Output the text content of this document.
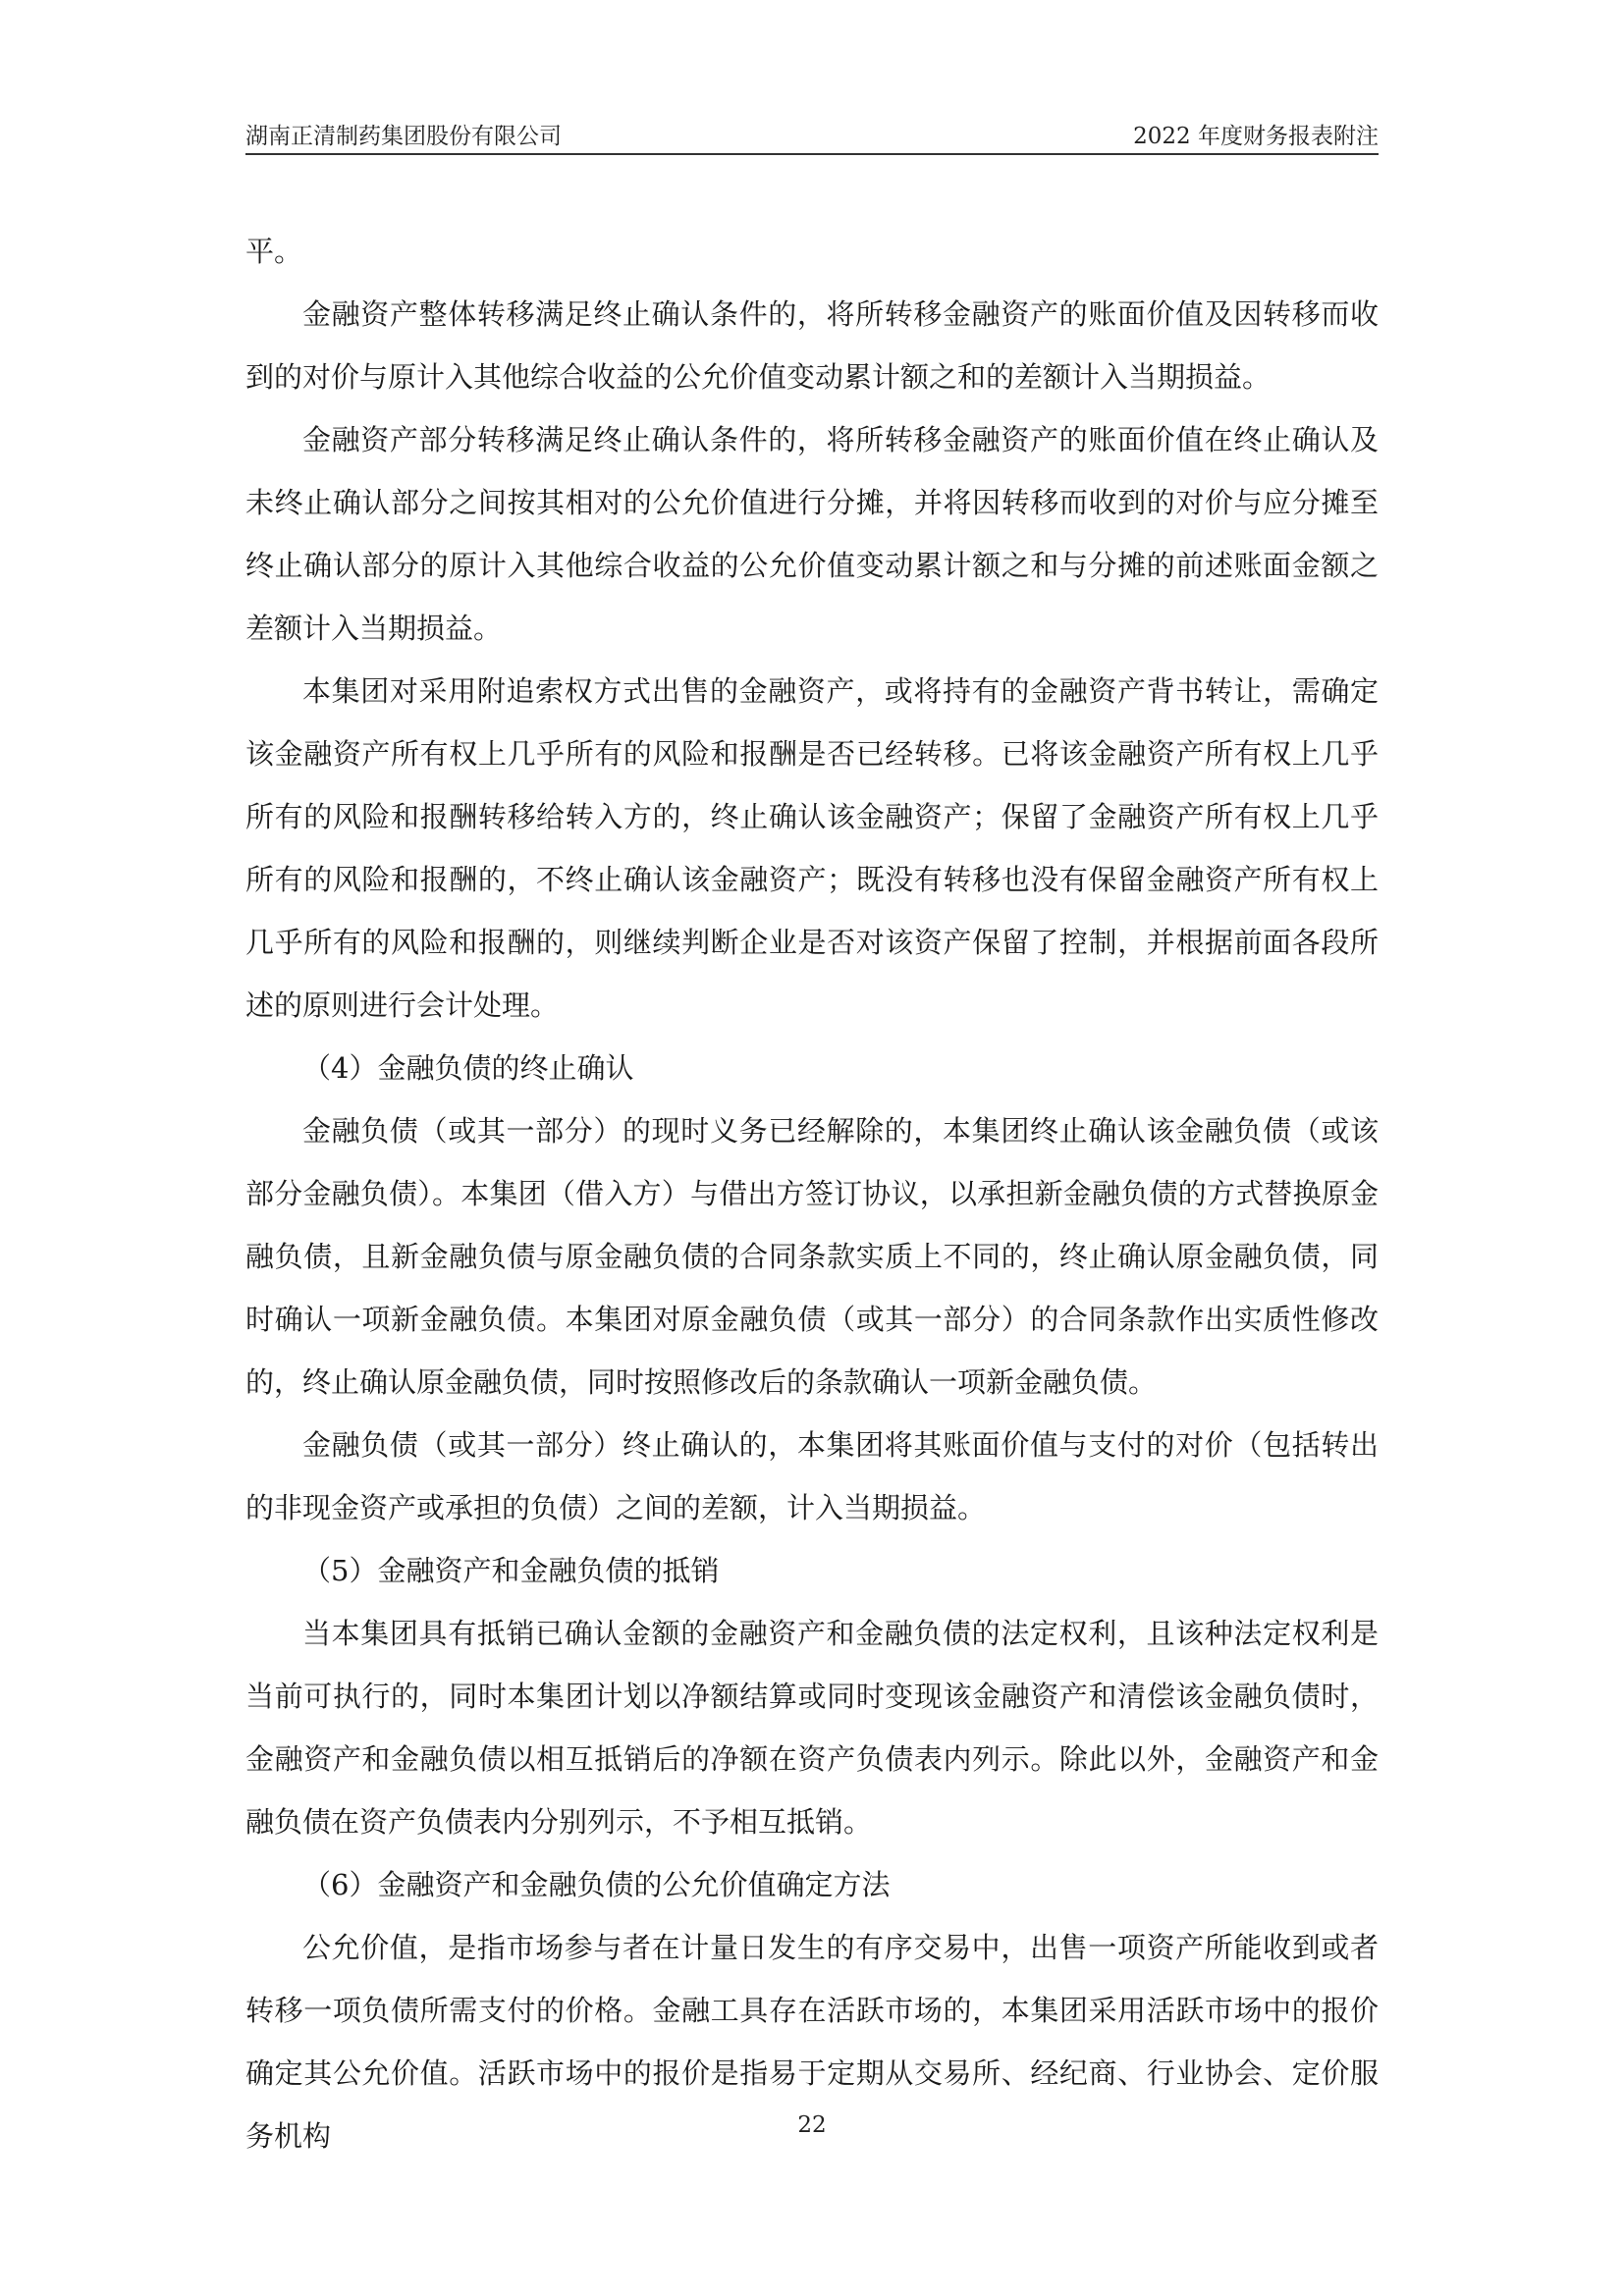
湖南正清制药集团股份有限公司	2022 年度财务报表附注

平。

金融资产整体转移满足终止确认条件的，将所转移金融资产的账面价值及因转移而收到的对价与原计入其他综合收益的公允价值变动累计额之和的差额计入当期损益。

金融资产部分转移满足终止确认条件的，将所转移金融资产的账面价值在终止确认及未终止确认部分之间按其相对的公允价值进行分摊，并将因转移而收到的对价与应分摊至终止确认部分的原计入其他综合收益的公允价值变动累计额之和与分摊的前述账面金额之差额计入当期损益。

本集团对采用附追索权方式出售的金融资产，或将持有的金融资产背书转让，需确定该金融资产所有权上几乎所有的风险和报酬是否已经转移。已将该金融资产所有权上几乎所有的风险和报酬转移给转入方的，终止确认该金融资产；保留了金融资产所有权上几乎所有的风险和报酬的，不终止确认该金融资产；既没有转移也没有保留金融资产所有权上几乎所有的风险和报酬的，则继续判断企业是否对该资产保留了控制，并根据前面各段所述的原则进行会计处理。

（4）金融负债的终止确认

金融负债（或其一部分）的现时义务已经解除的，本集团终止确认该金融负债（或该部分金融负债）。本集团（借入方）与借出方签订协议，以承担新金融负债的方式替换原金融负债，且新金融负债与原金融负债的合同条款实质上不同的，终止确认原金融负债，同时确认一项新金融负债。本集团对原金融负债（或其一部分）的合同条款作出实质性修改的，终止确认原金融负债，同时按照修改后的条款确认一项新金融负债。

金融负债（或其一部分）终止确认的，本集团将其账面价值与支付的对价（包括转出的非现金资产或承担的负债）之间的差额，计入当期损益。

（5）金融资产和金融负债的抵销

当本集团具有抵销已确认金额的金融资产和金融负债的法定权利，且该种法定权利是当前可执行的，同时本集团计划以净额结算或同时变现该金融资产和清偿该金融负债时，金融资产和金融负债以相互抵销后的净额在资产负债表内列示。除此以外，金融资产和金融负债在资产负债表内分别列示，不予相互抵销。

（6）金融资产和金融负债的公允价值确定方法

公允价值，是指市场参与者在计量日发生的有序交易中，出售一项资产所能收到或者转移一项负债所需支付的价格。金融工具存在活跃市场的，本集团采用活跃市场中的报价确定其公允价值。活跃市场中的报价是指易于定期从交易所、经纪商、行业协会、定价服务机构	22
